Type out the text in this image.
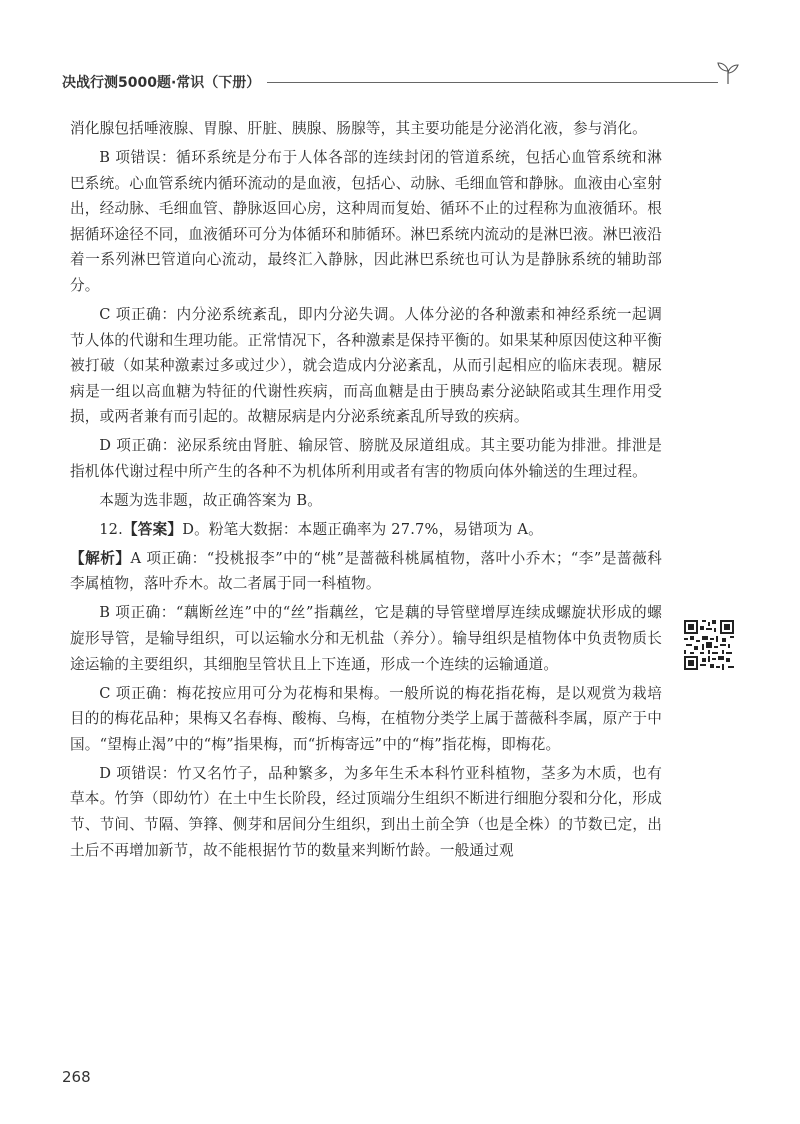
决战行测5000题·常识（下册）

消化腺包括唾液腺、胃腺、肝脏、胰腺、肠腺等，其主要功能是分泌消化液，参与消化。

B 项错误：循环系统是分布于人体各部的连续封闭的管道系统，包括心血管系统和淋巴系统。心血管系统内循环流动的是血液，包括心、动脉、毛细血管和静脉。血液由心室射出，经动脉、毛细血管、静脉返回心房，这种周而复始、循环不止的过程称为血液循环。根据循环途径不同，血液循环可分为体循环和肺循环。淋巴系统内流动的是淋巴液。淋巴液沿着一系列淋巴管道向心流动，最终汇入静脉，因此淋巴系统也可认为是静脉系统的辅助部分。

C 项正确：内分泌系统紊乱，即内分泌失调。人体分泌的各种激素和神经系统一起调节人体的代谢和生理功能。正常情况下，各种激素是保持平衡的。如果某种原因使这种平衡被打破（如某种激素过多或过少），就会造成内分泌紊乱，从而引起相应的临床表现。糖尿病是一组以高血糖为特征的代谢性疾病，而高血糖是由于胰岛素分泌缺陷或其生理作用受损，或两者兼有而引起的。故糖尿病是内分泌系统紊乱所导致的疾病。

D 项正确：泌尿系统由肾脏、输尿管、膀胱及尿道组成。其主要功能为排泄。排泄是指机体代谢过程中所产生的各种不为机体所利用或者有害的物质向体外输送的生理过程。

本题为选非题，故正确答案为 B。

12.【答案】D。粉笔大数据：本题正确率为 27.7%，易错项为 A。

【解析】A 项正确：“投桃报李”中的“桃”是蔷薇科桃属植物，落叶小乔木；“李”是蔷薇科李属植物，落叶乔木。故二者属于同一科植物。

B 项正确：“藕断丝连”中的“丝”指藕丝，它是藕的导管壁增厚连续成螺旋状形成的螺旋形导管，是输导组织，可以运输水分和无机盐（养分）。输导组织是植物体中负责物质长途运输的主要组织，其细胞呈管状且上下连通，形成一个连续的运输通道。

C 项正确：梅花按应用可分为花梅和果梅。一般所说的梅花指花梅，是以观赏为栽培目的的梅花品种；果梅又名春梅、酸梅、乌梅，在植物分类学上属于蔷薇科李属，原产于中国。“望梅止渴”中的“梅”指果梅，而“折梅寄远”中的“梅”指花梅，即梅花。

D 项错误：竹又名竹子，品种繁多，为多年生禾本科竹亚科植物，茎多为木质，也有草本。竹笋（即幼竹）在土中生长阶段，经过顶端分生组织不断进行细胞分裂和分化，形成节、节间、节隔、笋箨、侧芽和居间分生组织，到出土前全笋（也是全株）的节数已定，出土后不再增加新节，故不能根据竹节的数量来判断竹龄。一般通过观

268
